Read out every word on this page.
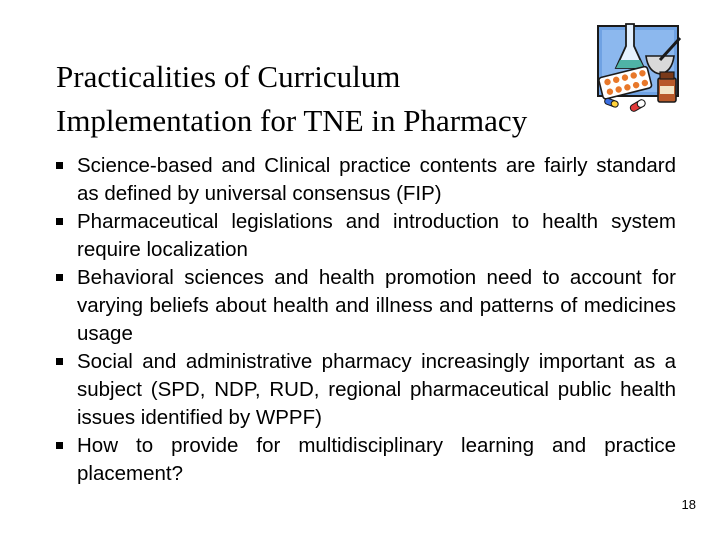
Practicalities of Curriculum
Implementation for TNE in Pharmacy
Science-based and Clinical practice contents are fairly standard as defined by universal consensus (FIP)
Pharmaceutical legislations and introduction to health system require localization
Behavioral sciences and health promotion need to account for varying beliefs about health and illness and patterns of medicines usage
Social and administrative pharmacy increasingly important as a subject (SPD, NDP, RUD, regional pharmaceutical public health issues identified by WPPF)
How to provide for multidisciplinary learning and practice placement?
18
